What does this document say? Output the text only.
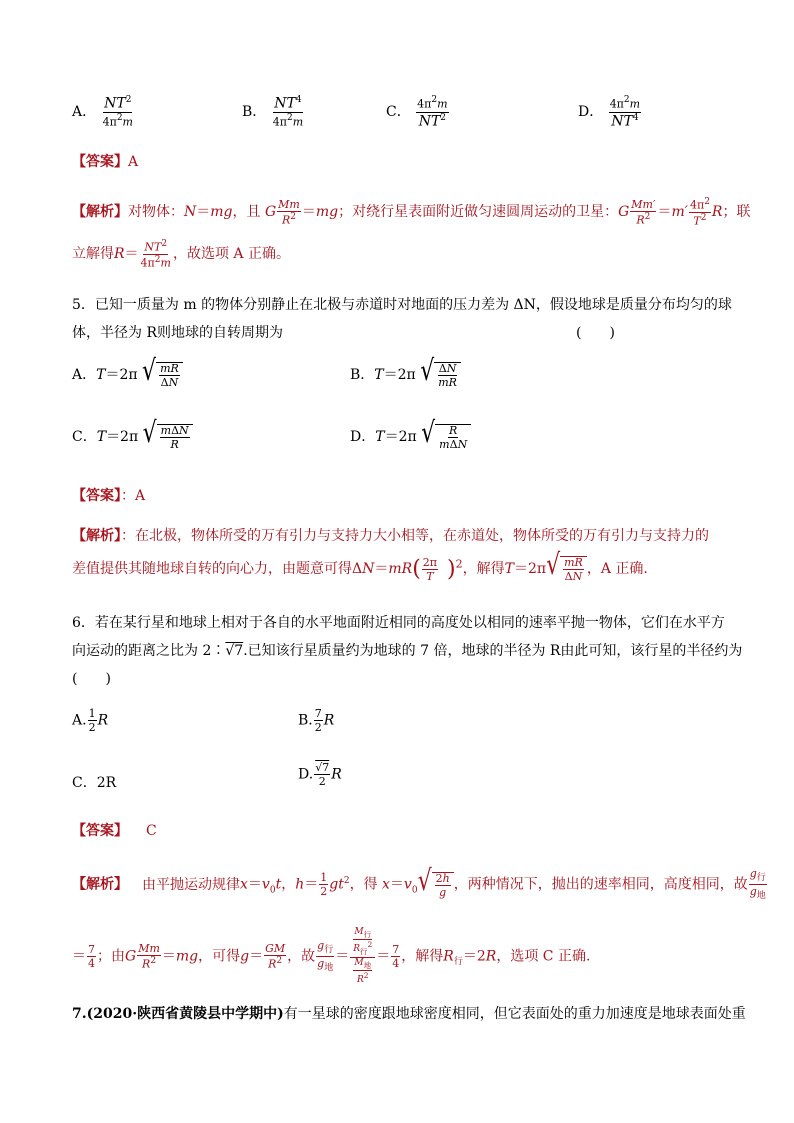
A． $\frac{NT^2}{4\pi^2m}$	B． $\frac{NT^4}{4\pi^2m}$	C． $\frac{4\pi^2m}{NT^2}$	D． $\frac{4\pi^2m}{NT^4}$
【答案】A
【解析】对物体：N＝mg，且 G $\frac{Mm}{R^2} =mg$；对绕行星表面附近做匀速圆周运动的卫星：G $\frac{Mm'}{R^2} =m' \frac{4\pi^2}{T^2}$ R；联
立解得$R= \frac{NT^2}{4\pi^2m}$ ，故选项 A 正确。
5．已知一质量为 m 的物体分别静止在北极与赤道时对地面的压力差为 ΔN，假设地球是质量分布均匀的球
体，半径为 R则地球的自转周期为	(　　)
A．T＝2π √ $\frac{mR}{\Delta N}$	B．T＝2π √ $\frac{\Delta N}{mR}$
C．T＝2π √ $\frac{\text{mΔN}}{R}$	D．T＝2π √ $\frac{R}{\text{mΔN}}$
【答案】：A
【解析】：在北极，物体所受的万有引力与支持力大小相等，在赤道处，物体所受的万有引力与支持力的
差值提供其随地球自转的向心力，由题意可得$\Delta N=mR( \frac{2\pi}{T} )^2$，解得T＝2π √ $\frac{mR}{\Delta N}$ ，A 正确.
6．若在某行星和地球上相对于各自的水平地面附近相同的高度处以相同的速率平抛一物体，它们在水平方
向运动的距离之比为 2∶√7.已知该行星质量约为地球的 7 倍，地球的半径为 R由此可知，该行星的半径约为
(　　)
A. $\frac{1}{2}$ R	B. $\frac{7}{2}$ R
C．2R
D. $\frac{√7}{2}$ R
【答案】 C
【解析】 由平抛运动规律$x=v_0t$，$h= \frac{1}{2} gt^2$，得 $x=v_0$ √ $\frac{2h}{g}$ ，两种情况下，抛出的速率相同，高度相同，故 $\frac{g_行}{g_地}$
＝ $\frac{7}{4}$ ；由G $\frac{Mm}{R^2} =mg$，可得$g= \frac{GM}{R^2}$ ，故 $\frac{g_行}{g_地} = \frac{\frac{M_行}{R_行^2}}{\frac{M_地}{R^2}} = \frac{7}{4}$ ，解得$R_行=2R$，选项 C 正确.
7.(2020·陕西省黄陵县中学期中)有一星球的密度跟地球密度相同，但它表面处的重力加速度是地球表面处重
